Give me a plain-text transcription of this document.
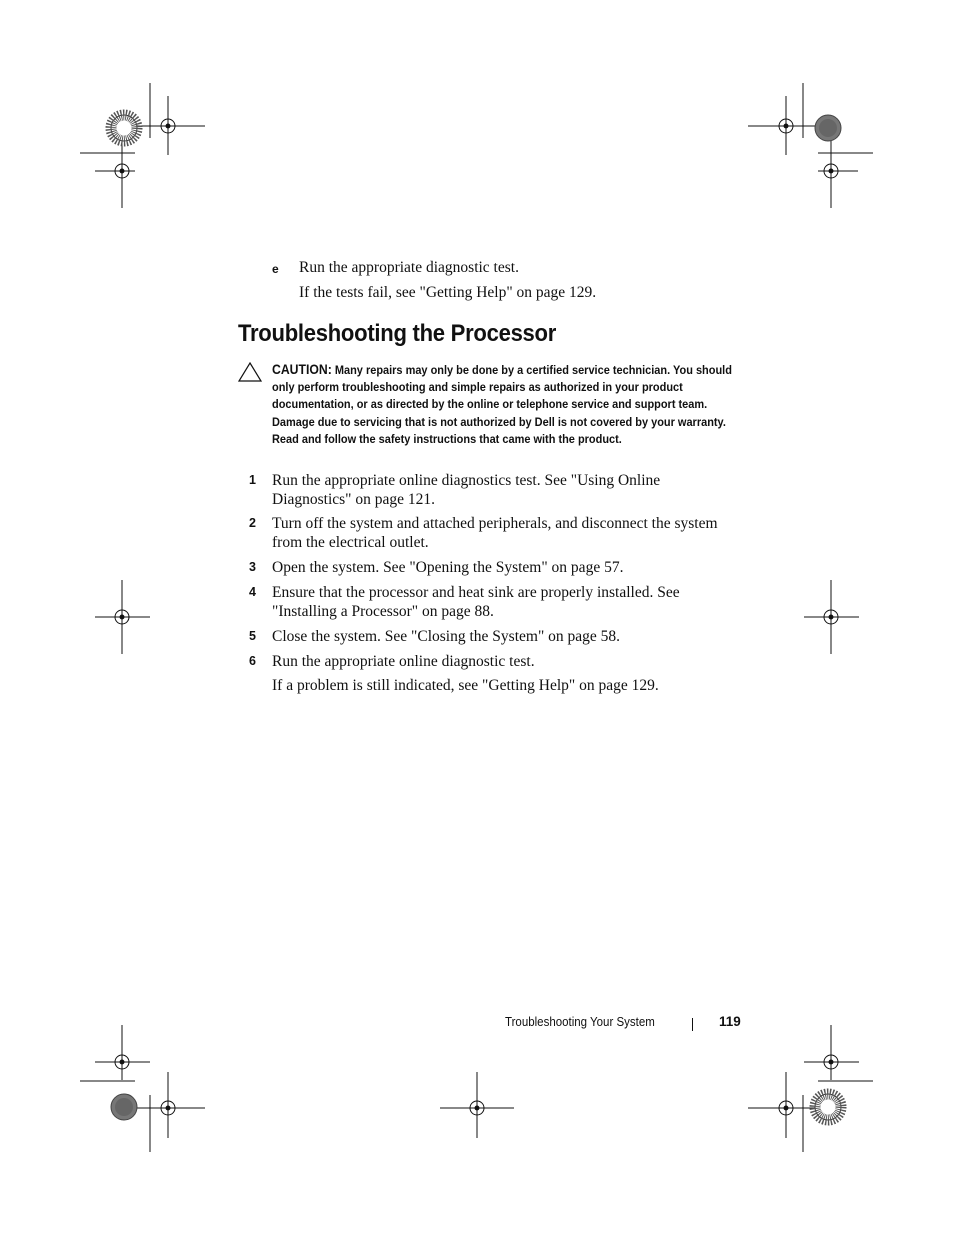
e Run the appropriate diagnostic test.
If the tests fail, see "Getting Help" on page 129.
Troubleshooting the Processor
CAUTION: Many repairs may only be done by a certified service technician. You should only perform troubleshooting and simple repairs as authorized in your product documentation, or as directed by the online or telephone service and support team. Damage due to servicing that is not authorized by Dell is not covered by your warranty. Read and follow the safety instructions that came with the product.
1 Run the appropriate online diagnostics test. See "Using Online
Diagnostics" on page 121.
2 Turn off the system and attached peripherals, and disconnect the system
from the electrical outlet.
3 Open the system. See "Opening the System" on page 57.
4 Ensure that the processor and heat sink are properly installed. See
"Installing a Processor" on page 88.
5 Close the system. See "Closing the System" on page 58.
6 Run the appropriate online diagnostic test.
If a problem is still indicated, see "Getting Help" on page 129.
Troubleshooting Your System	119
